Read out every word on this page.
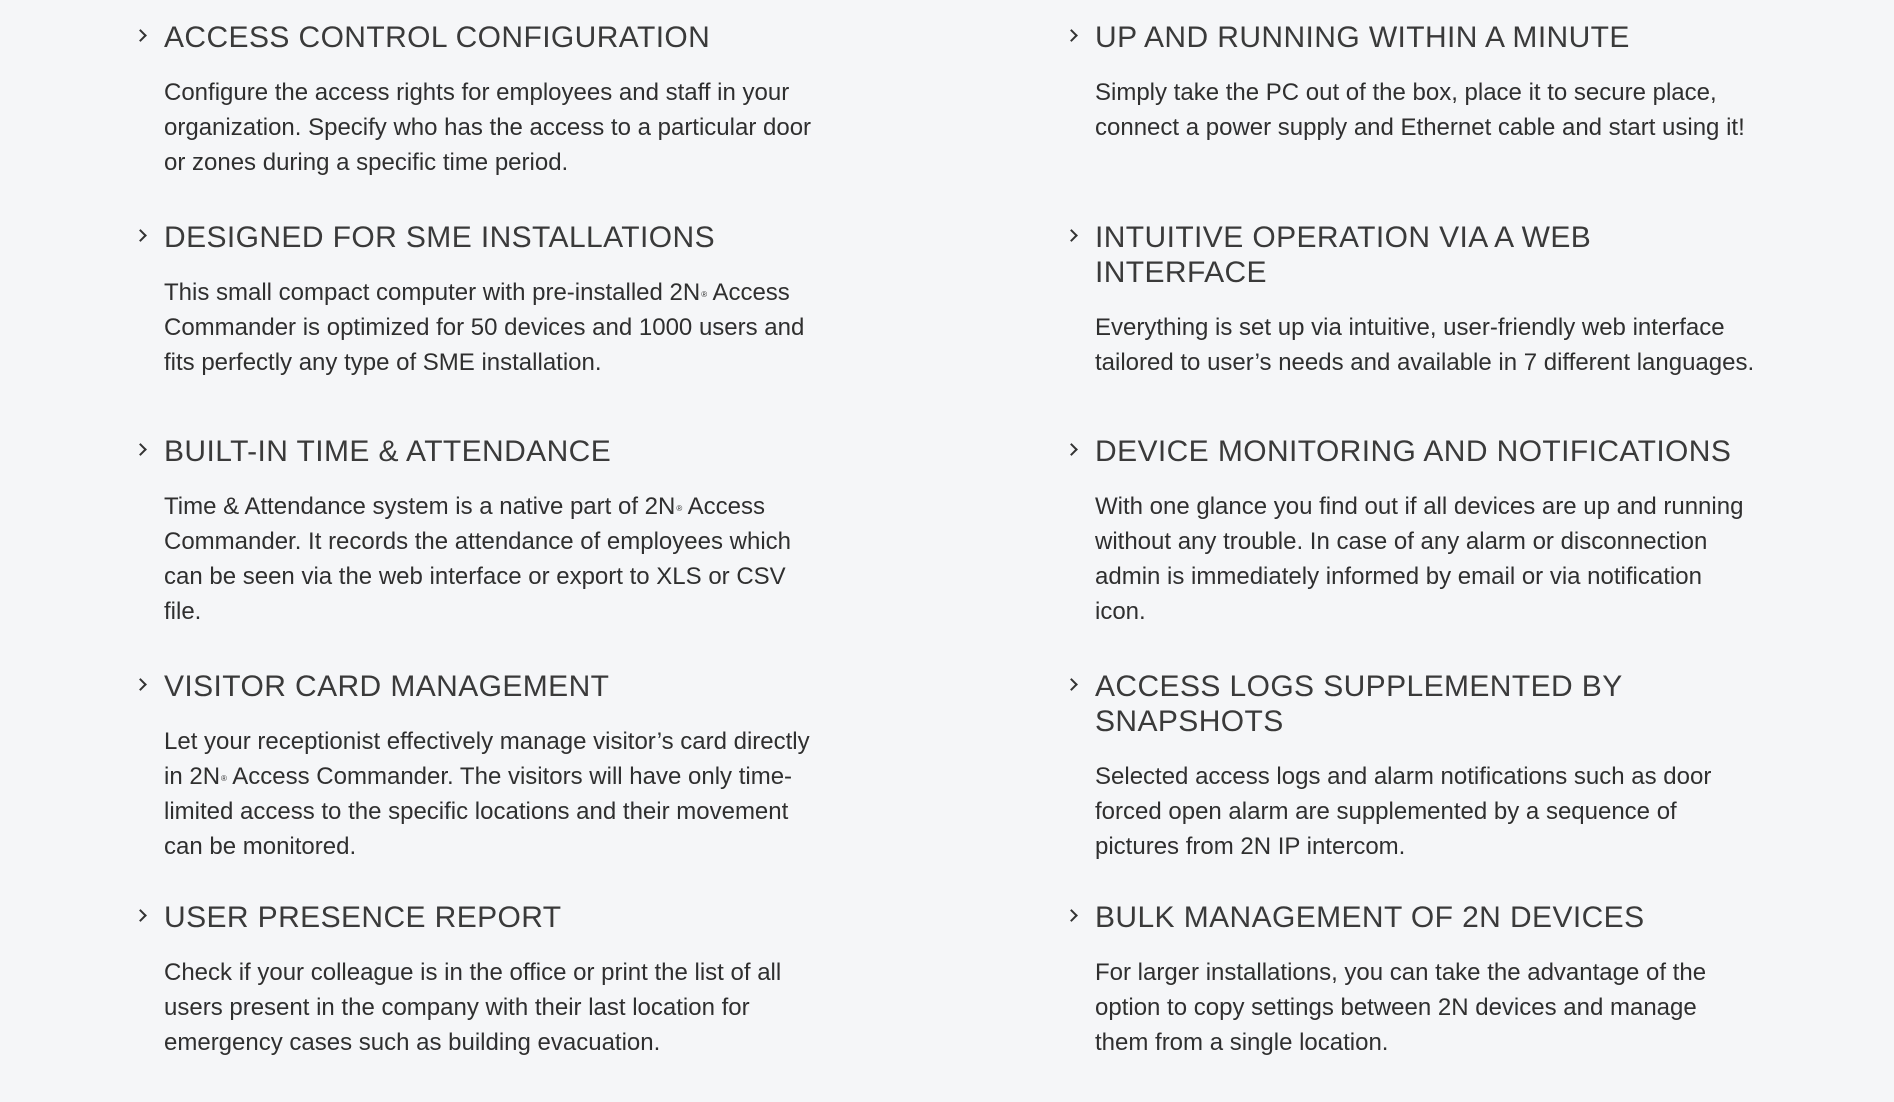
ACCESS CONTROL CONFIGURATION

Configure the access rights for employees and staff in your organization. Specify who has the access to a particular door or zones during a specific time period.

DESIGNED FOR SME INSTALLATIONS

This small compact computer with pre-installed 2N® Access Commander is optimized for 50 devices and 1000 users and fits perfectly any type of SME installation.

BUILT-IN TIME & ATTENDANCE

Time & Attendance system is a native part of 2N® Access Commander. It records the attendance of employees which can be seen via the web interface or export to XLS or CSV file.

VISITOR CARD MANAGEMENT

Let your receptionist effectively manage visitor’s card directly in 2N® Access Commander. The visitors will have only time-limited access to the specific locations and their movement can be monitored.

USER PRESENCE REPORT

Check if your colleague is in the office or print the list of all users present in the company with their last location for emergency cases such as building evacuation.

UP AND RUNNING WITHIN A MINUTE

Simply take the PC out of the box, place it to secure place, connect a power supply and Ethernet cable and start using it!

INTUITIVE OPERATION VIA A WEB INTERFACE

Everything is set up via intuitive, user-friendly web interface tailored to user’s needs and available in 7 different languages.

DEVICE MONITORING AND NOTIFICATIONS

With one glance you find out if all devices are up and running without any trouble. In case of any alarm or disconnection admin is immediately informed by email or via notification icon.

ACCESS LOGS SUPPLEMENTED BY SNAPSHOTS

Selected access logs and alarm notifications such as door forced open alarm are supplemented by a sequence of pictures from 2N IP intercom.

BULK MANAGEMENT OF 2N DEVICES

For larger installations, you can take the advantage of the option to copy settings between 2N devices and manage them from a single location.
